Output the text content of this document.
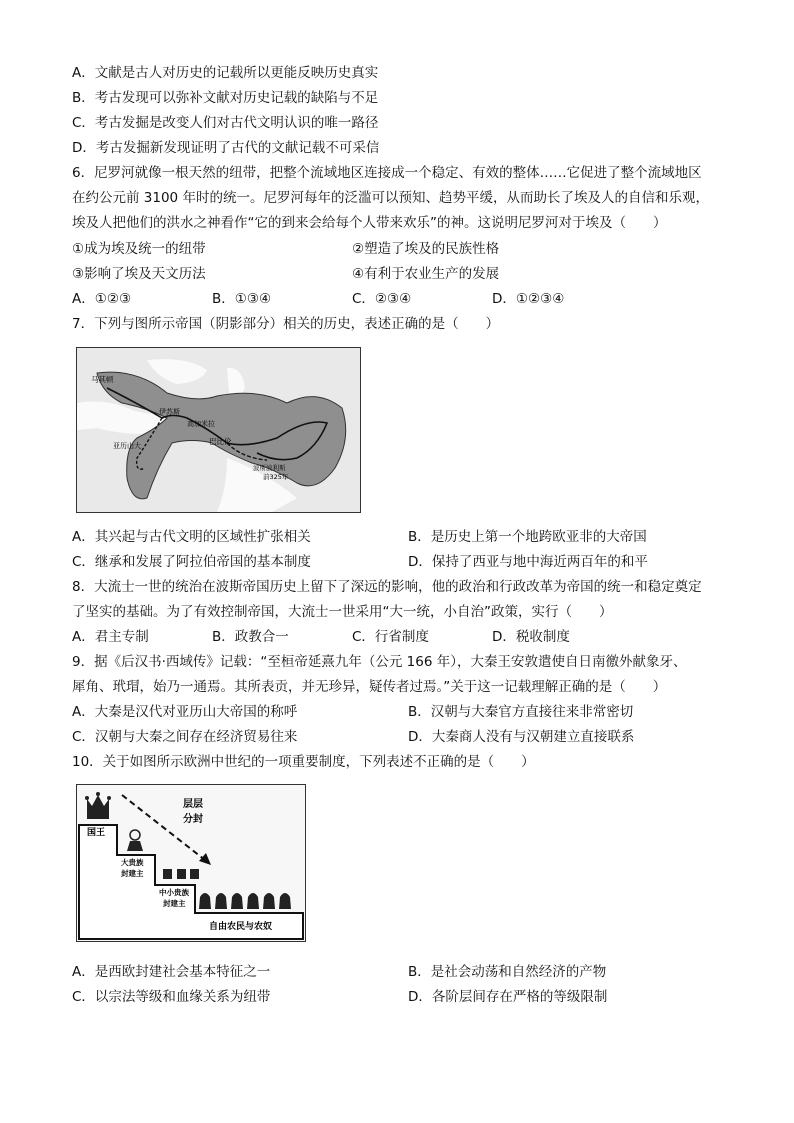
A．文献是古人对历史的记载所以更能反映历史真实
B．考古发现可以弥补文献对历史记载的缺陷与不足
C．考古发掘是改变人们对古代文明认识的唯一路径
D．考古发掘新发现证明了古代的文献记载不可采信
6．尼罗河就像一根天然的纽带，把整个流域地区连接成一个稳定、有效的整体……它促进了整个流域地区
在约公元前 3100 年时的统一。尼罗河每年的泛滥可以预知、趋势平缓，从而助长了埃及人的自信和乐观，
埃及人把他们的洪水之神看作“它的到来会给每个人带来欢乐”的神。这说明尼罗河对于埃及（　　）
①成为埃及统一的纽带	②塑造了埃及的民族性格
③影响了埃及天文历法	④有利于农业生产的发展
A．①②③	B．①③④	C．②③④	D．①②③④
7．下列与图所示帝国（阴影部分）相关的历史，表述正确的是（　　）
马其顿
伊苏斯
高加米拉
巴比伦
亚历山大
波斯波利斯
前325年
A．其兴起与古代文明的区域性扩张相关	B．是历史上第一个地跨欧亚非的大帝国
C．继承和发展了阿拉伯帝国的基本制度	D．保持了西亚与地中海近两百年的和平
8．大流士一世的统治在波斯帝国历史上留下了深远的影响，他的政治和行政改革为帝国的统一和稳定奠定
了坚实的基础。为了有效控制帝国，大流士一世采用“大一统，小自治”政策，实行（　　）
A．君主专制	B．政教合一	C．行省制度	D．税收制度
9．据《后汉书·西域传》记载：“至桓帝延熹九年（公元 166 年），大秦王安敦遣使自日南徼外献象牙、
犀角、玳瑁，始乃一通焉。其所表贡，并无珍异，疑传者过焉。”关于这一记载理解正确的是（　　）
A．大秦是汉代对亚历山大帝国的称呼	B．汉朝与大秦官方直接往来非常密切
C．汉朝与大秦之间存在经济贸易往来	D．大秦商人没有与汉朝建立直接联系
10．关于如图所示欧洲中世纪的一项重要制度，下列表述不正确的是（　　）
层层
分封
国王
大贵族
封建主
中小贵族
封建主
自由农民与农奴
A．是西欧封建社会基本特征之一	B．是社会动荡和自然经济的产物
C．以宗法等级和血缘关系为纽带	D．各阶层间存在严格的等级限制
